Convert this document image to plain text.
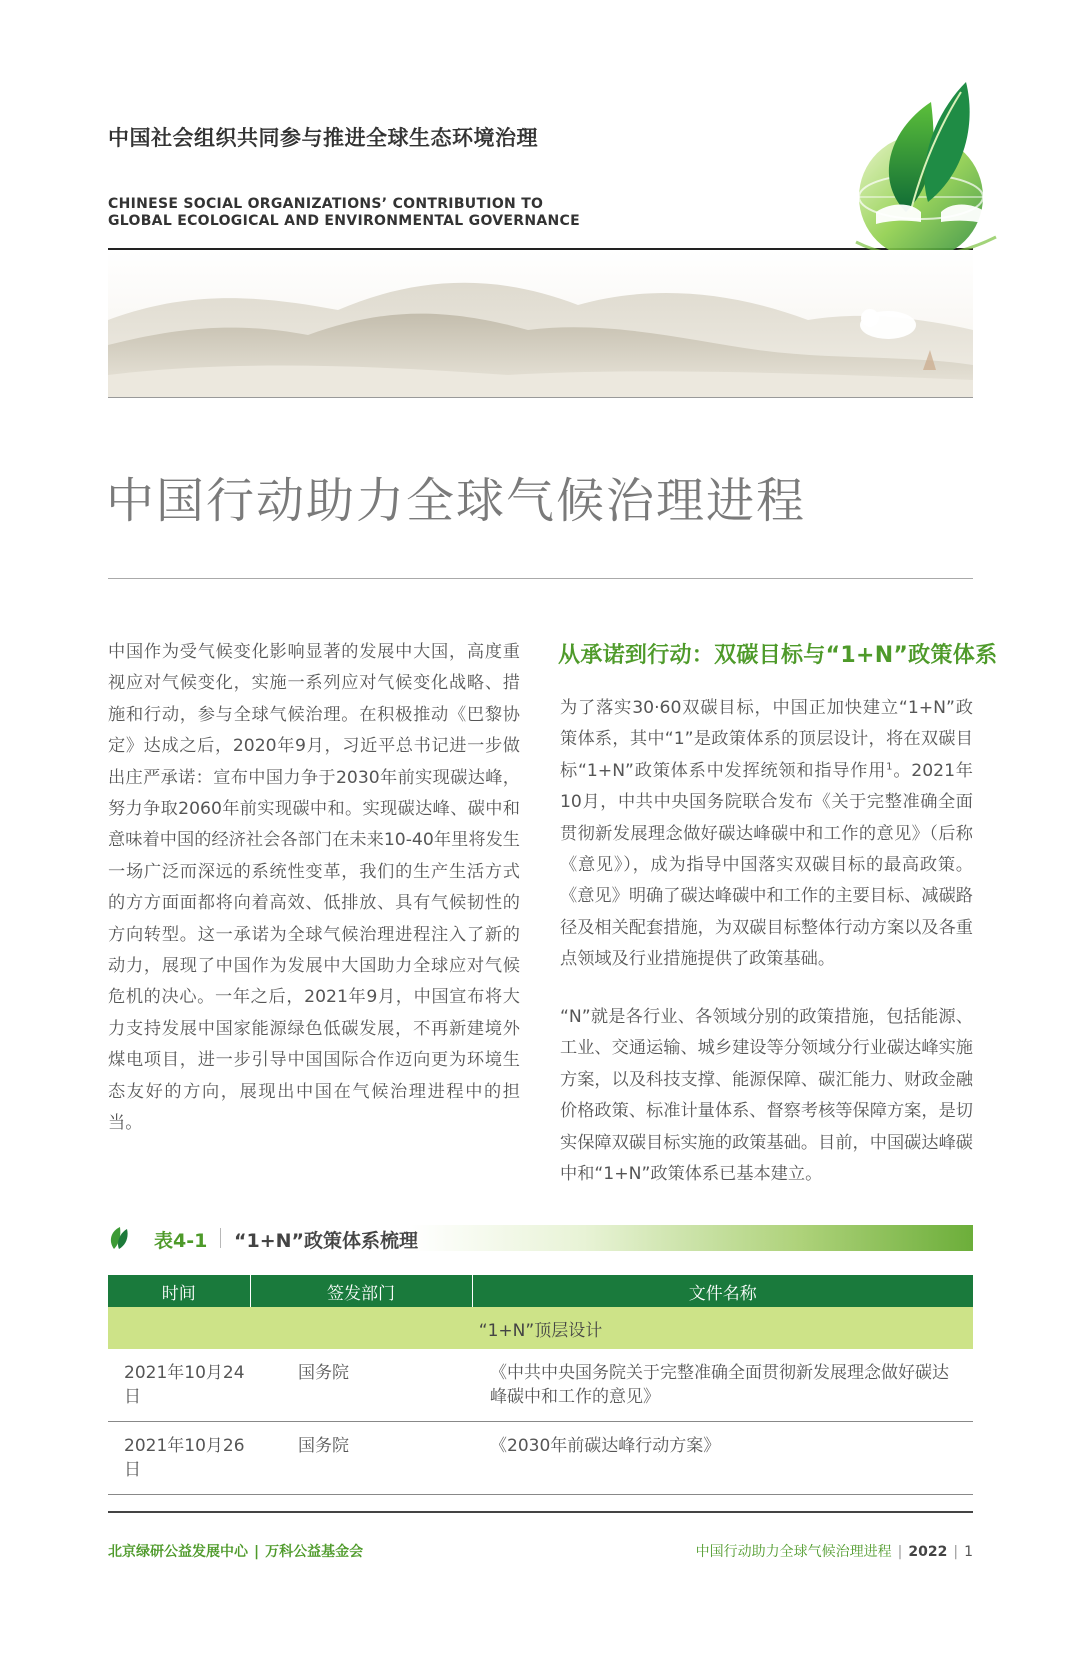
中国社会组织共同参与推进全球生态环境治理
CHINESE SOCIAL ORGANIZATIONS’ CONTRIBUTION TO
GLOBAL ECOLOGICAL AND ENVIRONMENTAL GOVERNANCE
中国行动助力全球气候治理进程
中国作为受气候变化影响显著的发展中大国，高度重视应对气候变化，实施一系列应对气候变化战略、措施和行动，参与全球气候治理。在积极推动《巴黎协定》达成之后，2020年9月，习近平总书记进一步做出庄严承诺：宣布中国力争于2030年前实现碳达峰，努力争取2060年前实现碳中和。实现碳达峰、碳中和意味着中国的经济社会各部门在未来10-40年里将发生一场广泛而深远的系统性变革，我们的生产生活方式的方方面面都将向着高效、低排放、具有气候韧性的方向转型。这一承诺为全球气候治理进程注入了新的动力，展现了中国作为发展中大国助力全球应对气候危机的决心。一年之后，2021年9月，中国宣布将大力支持发展中国家能源绿色低碳发展，不再新建境外煤电项目，进一步引导中国国际合作迈向更为环境生态友好的方向，展现出中国在气候治理进程中的担当。
从承诺到行动：双碳目标与“1+N”政策体系
为了落实30·60双碳目标，中国正加快建立“1+N”政策体系，其中“1”是政策体系的顶层设计，将在双碳目标“1+N”政策体系中发挥统领和指导作用$^1$。2021年10月，中共中央国务院联合发布《关于完整准确全面贯彻新发展理念做好碳达峰碳中和工作的意见》（后称《意见》），成为指导中国落实双碳目标的最高政策。《意见》明确了碳达峰碳中和工作的主要目标、减碳路径及相关配套措施，为双碳目标整体行动方案以及各重点领域及行业措施提供了政策基础。
“N”就是各行业、各领域分别的政策措施，包括能源、工业、交通运输、城乡建设等分领域分行业碳达峰实施方案，以及科技支撑、能源保障、碳汇能力、财政金融价格政策、标准计量体系、督察考核等保障方案，是切实保障双碳目标实施的政策基础。目前，中国碳达峰碳中和“1+N”政策体系已基本建立。
表4-1 “1+N”政策体系梳理
时间	签发部门	文件名称
“1+N”顶层设计		
2021年10月24日	国务院	《中共中央国务院关于完整准确全面贯彻新发展理念做好碳达峰碳中和工作的意见》
2021年10月26日	国务院	《2030年前碳达峰行动方案》
北京绿研公益发展中心 | 万科公益基金会	中国行动助力全球气候治理进程 | 2022 | 1
